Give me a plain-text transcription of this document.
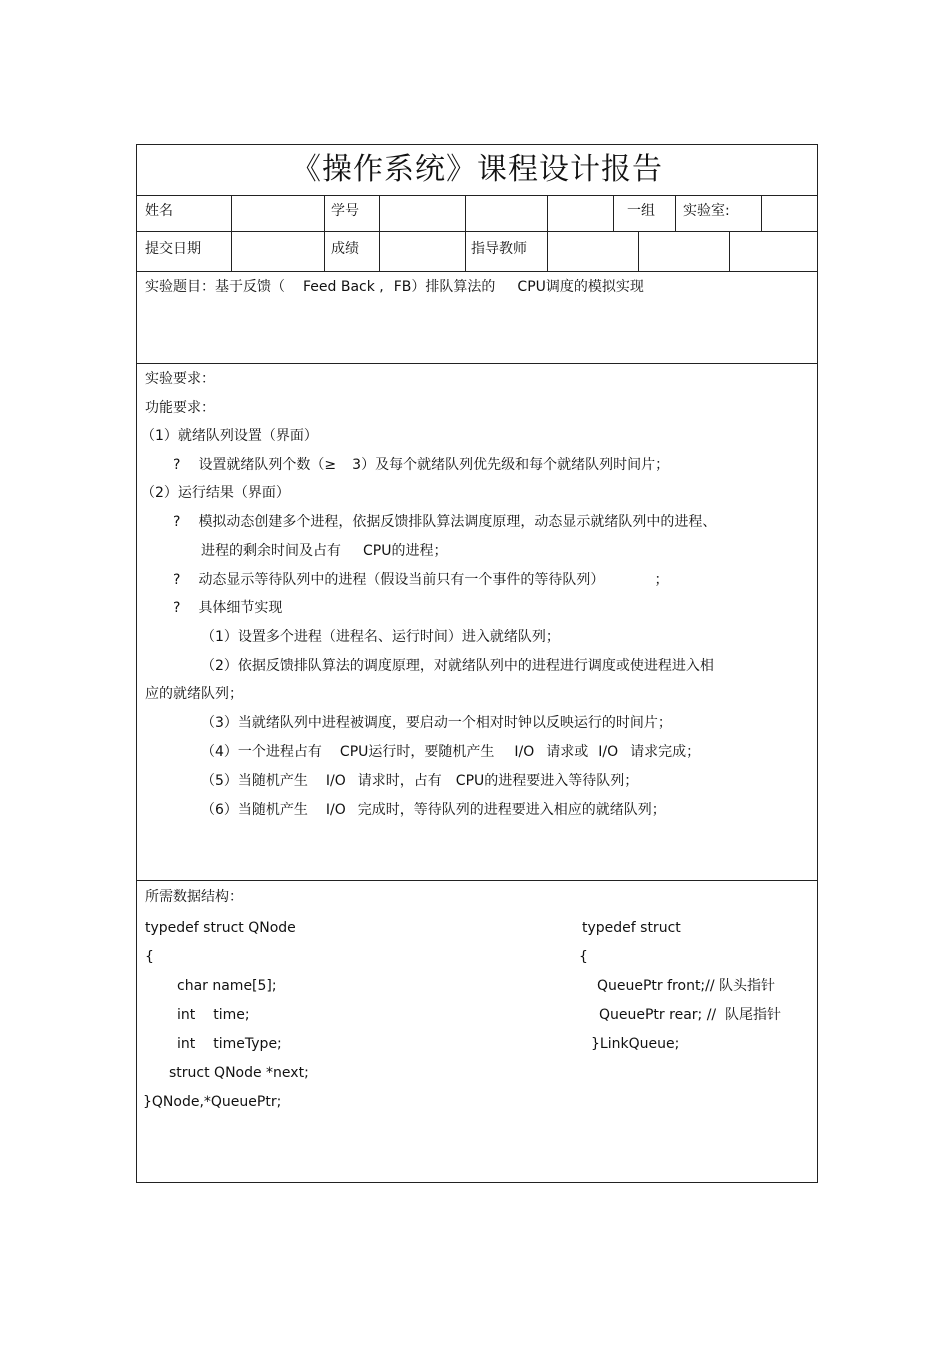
《操作系统》课程设计报告
姓名	学号	一组 实验室:
提交日期	成绩	指导教师
实验题目：基于反馈（ Feed Back , FB）排队算法的 CPU调度的模拟实现
实验要求：
功能要求：
（1）就绪队列设置（界面）
? 设置就绪队列个数（≥ 3）及每个就绪队列优先级和每个就绪队列时间片；
（2）运行结果（界面）
? 模拟动态创建多个进程，依据反馈排队算法调度原理，动态显示就绪队列中的进程、
进程的剩余时间及占有 CPU的进程；
? 动态显示等待队列中的进程（假设当前只有一个事件的等待队列）	；
? 具体细节实现
（1）设置多个进程（进程名、运行时间）进入就绪队列；
（2）依据反馈排队算法的调度原理，对就绪队列中的进程进行调度或使进程进入相
应的就绪队列；
（3）当就绪队列中进程被调度，要启动一个相对时钟以反映运行的时间片；
（4）一个进程占有 CPU运行时，要随机产生 I/O 请求或 I/O 请求完成；
（5）当随机产生 I/O 请求时，占有 CPU的进程要进入等待队列；
（6）当随机产生 I/O 完成时，等待队列的进程要进入相应的就绪队列；
所需数据结构：
typedef struct QNode
{
char name[5];
int time;
int timeType;
struct QNode *next;
}QNode,*QueuePtr;
typedef struct
{
QueuePtr front;// 队头指针
QueuePtr rear; //  队尾指针
}LinkQueue;
